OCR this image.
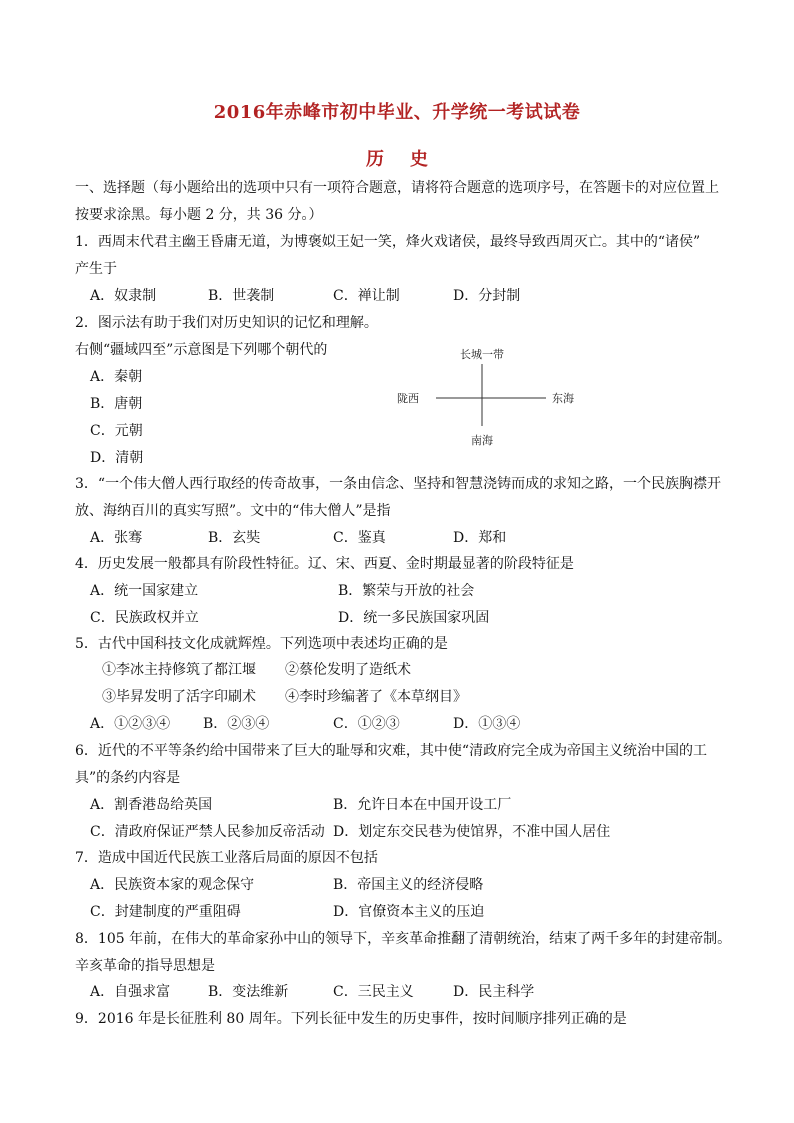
2016年赤峰市初中毕业、升学统一考试试卷
历史
一、选择题（每小题给出的选项中只有一项符合题意，请将符合题意的选项序号，在答题卡的对应位置上
按要求涂黑。每小题 2 分，共 36 分。）
1．西周末代君主幽王昏庸无道，为博褒姒王妃一笑，烽火戏诸侯，最终导致西周灭亡。其中的“诸侯”
产生于
A．奴隶制	B．世袭制	C．禅让制	D．分封制
2．图示法有助于我们对历史知识的记忆和理解。
右侧“疆域四至”示意图是下列哪个朝代的
A．秦朝
B．唐朝
C．元朝
D．清朝
长城一带
陇西	东海
南海
3．“一个伟大僧人西行取经的传奇故事，一条由信念、坚持和智慧浇铸而成的求知之路，一个民族胸襟开
放、海纳百川的真实写照”。文中的“伟大僧人”是指
A．张骞	B．玄奘	C．鉴真	D．郑和
4．历史发展一般都具有阶段性特征。辽、宋、西夏、金时期最显著的阶段特征是
A．统一国家建立	B．繁荣与开放的社会
C．民族政权并立	D．统一多民族国家巩固
5．古代中国科技文化成就辉煌。下列选项中表述均正确的是
①李冰主持修筑了都江堰 ②蔡伦发明了造纸术
③毕昇发明了活字印刷术 ④李时珍编著了《本草纲目》
A．①②③④ B．②③④	C．①②③	D．①③④
6．近代的不平等条约给中国带来了巨大的耻辱和灾难，其中使“清政府完全成为帝国主义统治中国的工
具”的条约内容是
A．割香港岛给英国	B．允许日本在中国开设工厂
C．清政府保证严禁人民参加反帝活动 D．划定东交民巷为使馆界，不准中国人居住
7．造成中国近代民族工业落后局面的原因不包括
A．民族资本家的观念保守	B．帝国主义的经济侵略
C．封建制度的严重阻碍	D．官僚资本主义的压迫
8．105 年前，在伟大的革命家孙中山的领导下，辛亥革命推翻了清朝统治，结束了两千多年的封建帝制。
辛亥革命的指导思想是
A．自强求富	B．变法维新	C．三民主义	D．民主科学
9．2016 年是长征胜利 80 周年。下列长征中发生的历史事件，按时间顺序排列正确的是
